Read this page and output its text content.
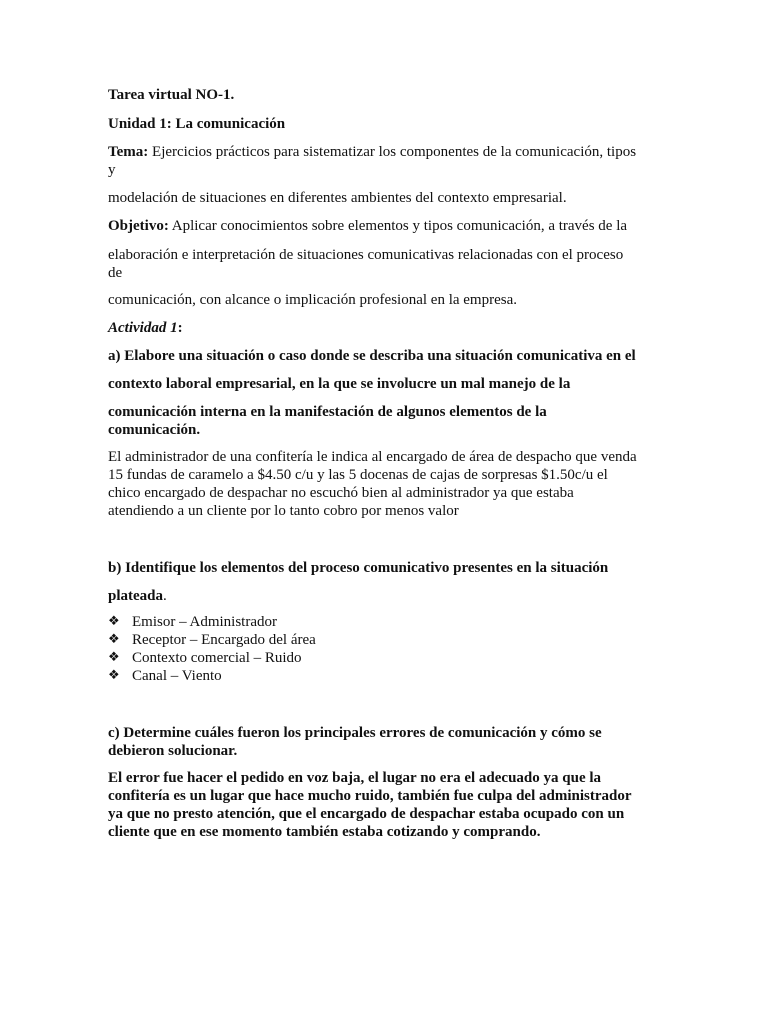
Tarea virtual NO-1.

Unidad 1: La comunicación

Tema: Ejercicios prácticos para sistematizar los componentes de la comunicación, tipos
y

modelación de situaciones en diferentes ambientes del contexto empresarial.

Objetivo: Aplicar conocimientos sobre elementos y tipos comunicación, a través de la

elaboración e interpretación de situaciones comunicativas relacionadas con el proceso
de

comunicación, con alcance o implicación profesional en la empresa.

Actividad 1:

a) Elabore una situación o caso donde se describa una situación comunicativa en el

contexto laboral empresarial, en la que se involucre un mal manejo de la

comunicación interna en la manifestación de algunos elementos de la
comunicación.
El administrador de una confitería le indica al encargado de área de despacho que venda
15 fundas de caramelo a $4.50 c/u y las 5 docenas de cajas de sorpresas $1.50c/u el
chico encargado de despachar no escuchó bien al administrador ya que estaba
atendiendo a un cliente por lo tanto cobro por menos valor

b) Identifique los elementos del proceso comunicativo presentes en la situación

plateada.

❖ Emisor – Administrador
❖ Receptor – Encargado del área
❖ Contexto comercial – Ruido
❖ Canal – Viento
c) Determine cuáles fueron los principales errores de comunicación y cómo se
debieron solucionar.
El error fue hacer el pedido en voz baja, el lugar no era el adecuado ya que la
confitería es un lugar que hace mucho ruido, también fue culpa del administrador
ya que no presto atención, que el encargado de despachar estaba ocupado con un
cliente que en ese momento también estaba cotizando y comprando.
